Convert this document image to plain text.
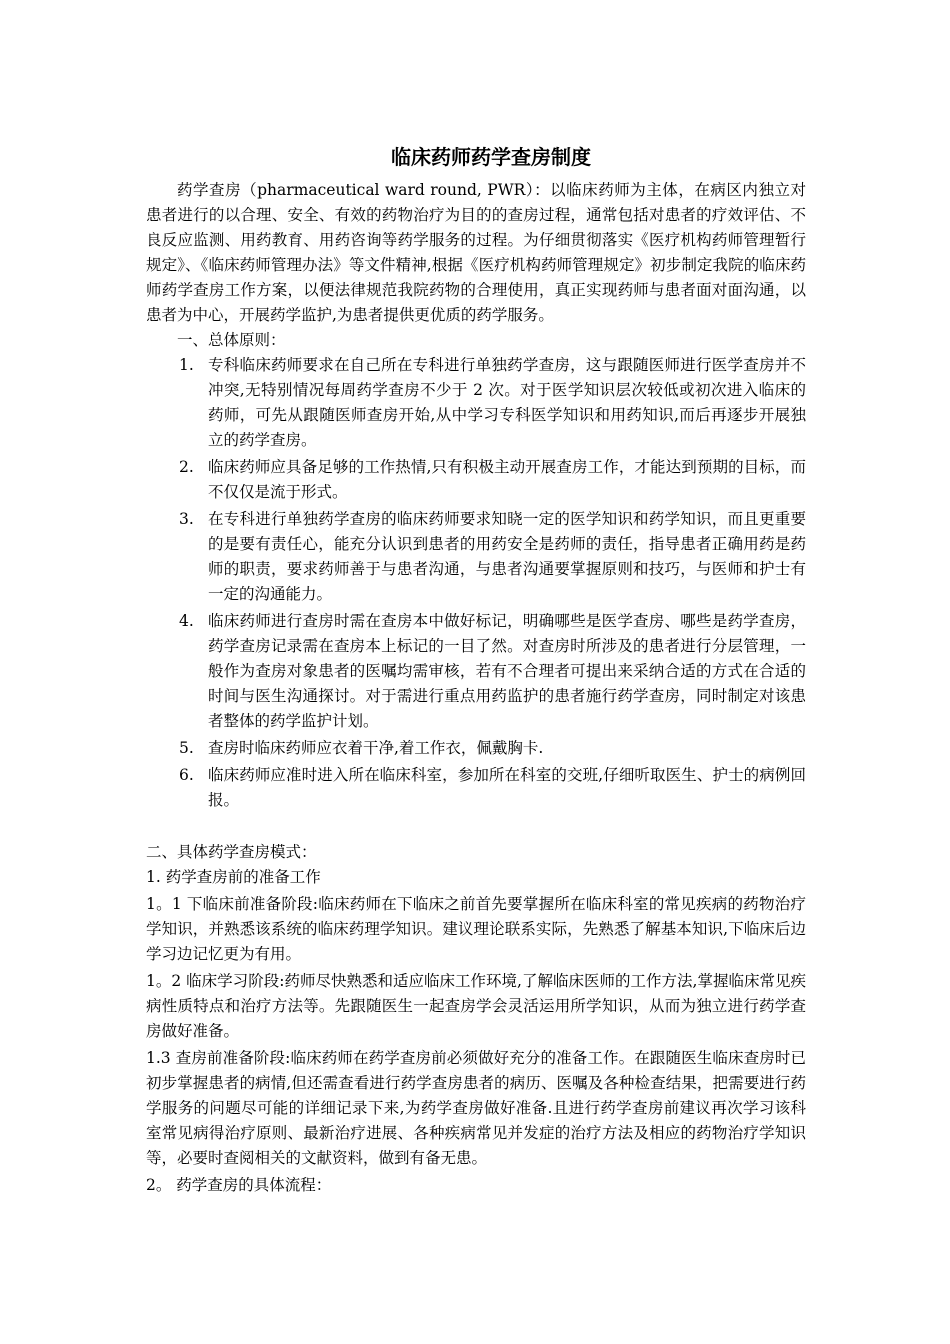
临床药师药学查房制度

药学查房（pharmaceutical ward round, PWR）：以临床药师为主体，在病区内独立对患者进行的以合理、安全、有效的药物治疗为目的的查房过程，通常包括对患者的疗效评估、不良反应监测、用药教育、用药咨询等药学服务的过程。为仔细贯彻落实《医疗机构药师管理暂行规定》、《临床药师管理办法》等文件精神,根据《医疗机构药师管理规定》初步制定我院的临床药师药学查房工作方案，以便法律规范我院药物的合理使用，真正实现药师与患者面对面沟通，以患者为中心，开展药学监护,为患者提供更优质的药学服务。

一、总体原则：

1. 专科临床药师要求在自己所在专科进行单独药学查房，这与跟随医师进行医学查房并不冲突,无特别情况每周药学查房不少于 2 次。对于医学知识层次较低或初次进入临床的药师，可先从跟随医师查房开始,从中学习专科医学知识和用药知识,而后再逐步开展独立的药学查房。
2. 临床药师应具备足够的工作热情,只有积极主动开展查房工作，才能达到预期的目标，而不仅仅是流于形式。
3. 在专科进行单独药学查房的临床药师要求知晓一定的医学知识和药学知识，而且更重要的是要有责任心，能充分认识到患者的用药安全是药师的责任，指导患者正确用药是药师的职责，要求药师善于与患者沟通，与患者沟通要掌握原则和技巧，与医师和护士有一定的沟通能力。
4. 临床药师进行查房时需在查房本中做好标记，明确哪些是医学查房、哪些是药学查房，药学查房记录需在查房本上标记的一目了然。对查房时所涉及的患者进行分层管理，一般作为查房对象患者的医嘱均需审核，若有不合理者可提出来采纳合适的方式在合适的时间与医生沟通探讨。对于需进行重点用药监护的患者施行药学查房，同时制定对该患者整体的药学监护计划。
5. 查房时临床药师应衣着干净,着工作衣，佩戴胸卡.
6. 临床药师应准时进入所在临床科室，参加所在科室的交班,仔细听取医生、护士的病例回报。

二、具体药学查房模式：

1. 药学查房前的准备工作

1。1 下临床前准备阶段:临床药师在下临床之前首先要掌握所在临床科室的常见疾病的药物治疗学知识，并熟悉该系统的临床药理学知识。建议理论联系实际，先熟悉了解基本知识,下临床后边学习边记忆更为有用。

1。2 临床学习阶段:药师尽快熟悉和适应临床工作环境,了解临床医师的工作方法,掌握临床常见疾病性质特点和治疗方法等。先跟随医生一起查房学会灵活运用所学知识，从而为独立进行药学查房做好准备。

1.3 查房前准备阶段:临床药师在药学查房前必须做好充分的准备工作。在跟随医生临床查房时已初步掌握患者的病情,但还需查看进行药学查房患者的病历、医嘱及各种检查结果，把需要进行药学服务的问题尽可能的详细记录下来,为药学查房做好准备.且进行药学查房前建议再次学习该科室常见病得治疗原则、最新治疗进展、各种疾病常见并发症的治疗方法及相应的药物治疗学知识等，必要时查阅相关的文献资料，做到有备无患。

2。 药学查房的具体流程：
